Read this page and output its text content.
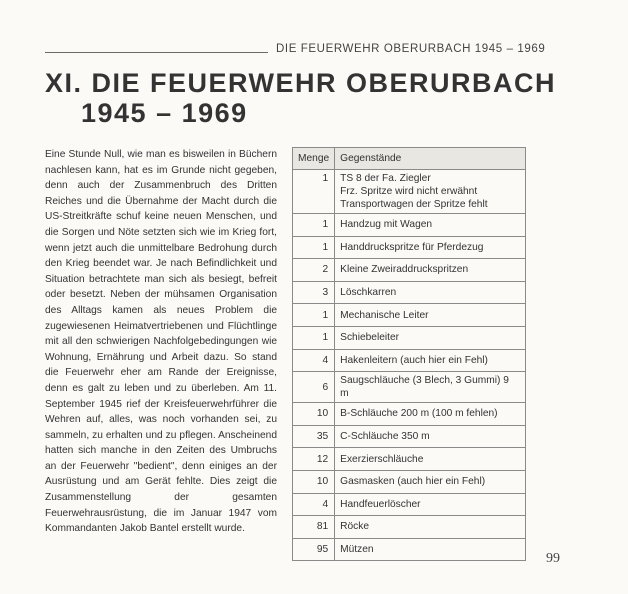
DIE FEUERWEHR OBERURBACH 1945 – 1969
XI. DIE FEUERWEHR OBERURBACH
1945 – 1969

Eine Stunde Null, wie man es bisweilen in Büchern nachlesen kann, hat es im Grunde nicht gegeben, denn auch der Zusammenbruch des Dritten Reiches und die Übernahme der Macht durch die US-Streitkräfte schuf keine neuen Menschen, und die Sorgen und Nöte setzten sich wie im Krieg fort, wenn jetzt auch die unmittelbare Bedrohung durch den Krieg beendet war. Je nach Befindlichkeit und Situation betrachtete man sich als besiegt, befreit oder besetzt. Neben der mühsamen Organisation des Alltags kamen als neues Problem die zugewiesenen Heimatvertriebenen und Flüchtlinge mit all den schwierigen Nachfolgebedingungen wie Wohnung, Ernährung und Arbeit dazu. So stand die Feuerwehr eher am Rande der Ereignisse, denn es galt zu leben und zu überleben. Am 11. September 1945 rief der Kreisfeuerwehrführer die Wehren auf, alles, was noch vorhanden sei, zu sammeln, zu erhalten und zu pflegen. Anscheinend hatten sich manche in den Zeiten des Umbruchs an der Feuerwehr "bedient", denn einiges an der Ausrüstung und am Gerät fehlte. Dies zeigt die Zusammenstellung der gesamten Feuerwehrausrüstung, die im Januar 1947 vom Kommandanten Jakob Bantel erstellt wurde.

Menge	Gegenstände
1	TS 8 der Fa. Ziegler
Frz. Spritze wird nicht erwähnt
Transportwagen der Spritze fehlt
1	Handzug mit Wagen
1	Handdruckspritze für Pferdezug
2	Kleine Zweiraddruckspritzen
3	Löschkarren
1	Mechanische Leiter
1	Schiebeleiter
4	Hakenleitern (auch hier ein Fehl)
6	Saugschläuche (3 Blech, 3 Gummi) 9 m
10	B-Schläuche 200 m (100 m fehlen)
35	C-Schläuche 350 m
12	Exerzierschläuche
10	Gasmasken (auch hier ein Fehl)
4	Handfeuerlöscher
81	Röcke
95	Mützen
99
